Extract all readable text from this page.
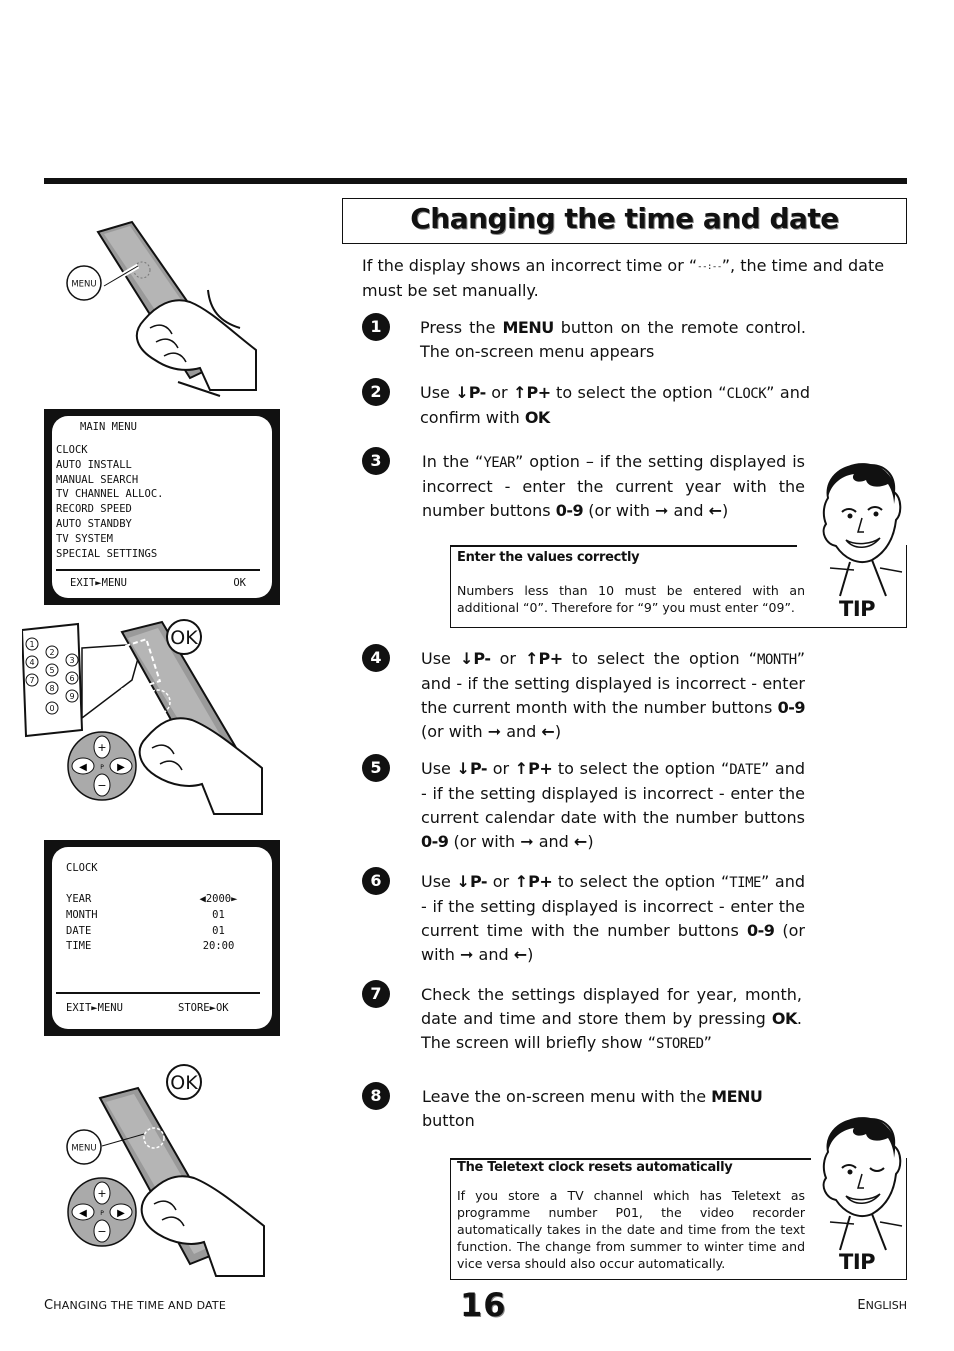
MENU
MAIN MENU
CLOCK
AUTO INSTALL
MANUAL SEARCH
TV CHANNEL ALLOC.
RECORD SPEED
AUTO STANDBY
TV SYSTEM
SPECIAL SETTINGS
EXIT►MENU	OK
1
2
3
4
5
6
7
8
9
0
OK
+
−
◀	▶
P
CLOCK
YEAR	◀2000►
MONTH	01
DATE	01
TIME	20:00
EXIT►MENU	STORE►OK
MENU
OK
+
−
◀	▶
P
Changing the time and date

If the display shows an incorrect time or “--:--”, the time and date must be set manually.

1	Press the MENU button on the remote control. The on-screen menu appears

2	Use ↓P- or ↑P+ to select the option “CLOCK” and confirm with OK

3	In the “YEAR” option – if the setting displayed is incorrect - enter the current year with the number buttons 0-9 (or with ➞ and ←)

Enter the values correctly
Numbers less than 10 must be entered with an additional “0”. Therefore for “9” you must enter “09”.	TIP
4	Use ↓P- or ↑P+ to select the option “MONTH” and - if the setting displayed is incorrect - enter the current month with the number buttons 0-9 (or with ➞ and ←)

5	Use ↓P- or ↑P+ to select the option “DATE” and - if the setting displayed is incorrect - enter the current calendar date with the number buttons 0-9 (or with ➞ and ←)

6	Use ↓P- or ↑P+ to select the option “TIME” and - if the setting displayed is incorrect - enter the current time with the number buttons 0-9 (or with ➞ and ←)

7	Check the settings displayed for year, month, date and time and store them by pressing OK. The screen will briefly show “STORED”

8	Leave the on-screen menu with the MENU button

The Teletext clock resets automatically
If you store a TV channel which has Teletext as programme number P01, the video recorder automatically takes in the date and time from the text function. The change from summer to winter time and vice versa should also occur automatically.	TIP
CHANGING THE TIME AND DATE	16	ENGLISH
